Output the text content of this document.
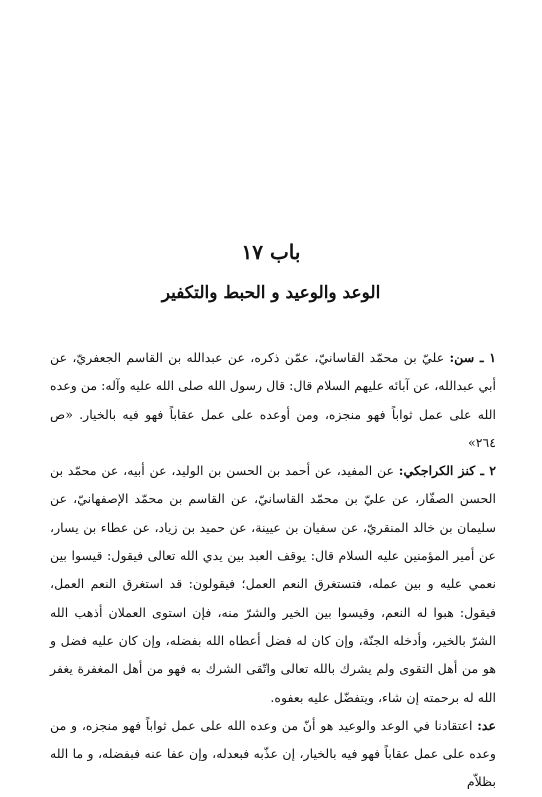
باب ١٧
الوعد والوعيد و الحبط والتكفير

١ ـ سن: عليّ بن محمّد القاسانيّ، عمّن ذكره، عن عبدالله بن القاسم الجعفريّ، عن أبي عبدالله، عن آبائه عليهم السلام قال: قال رسول الله صلى الله عليه وآله: من وعده الله على عمل ثواباً فهو منجزه، ومن أوعده على عمل عقاباً فهو فيه بالخيار. «ص ٢٦٤»

٢ ـ كنز الكراجكي: عن المفيد، عن أحمد بن الحسن بن الوليد، عن أبيه، عن محمّد بن الحسن الصفّار، عن عليّ بن محمّد القاسانيّ، عن القاسم بن محمّد الإصفهانيّ، عن سليمان بن خالد المنقريّ، عن سفيان بن عيينة، عن حميد بن زياد، عن عطاء بن يسار، عن أمير المؤمنين عليه السلام قال: يوقف العبد بين يدي الله تعالى فيقول: قيسوا بين نعمي عليه و بين عمله، فتستغرق النعم العمل؛ فيقولون: قد استغرق النعم العمل، فيقول: هبوا له النعم، وقيسوا بين الخير والشرّ منه، فإن استوى العملان أذهب الله الشرّ بالخير، وأدخله الجنّة، وإن كان له فضل أعطاه الله بفضله، وإن كان عليه فضل و هو من أهل التقوى ولم يشرك بالله تعالى واتّقى الشرك به فهو من أهل المغفرة يغفر الله له برحمته إن شاء، ويتفضّل عليه بعفوه.

عد: اعتقادنا في الوعد والوعيد هو أنّ من وعده الله على عمل ثواباً فهو منجزه، و من وعده على عمل عقاباً فهو فيه بالخيار، إن عذّبه فبعدله، وإن عفا عنه فبفضله، و ما الله بظلاّم
